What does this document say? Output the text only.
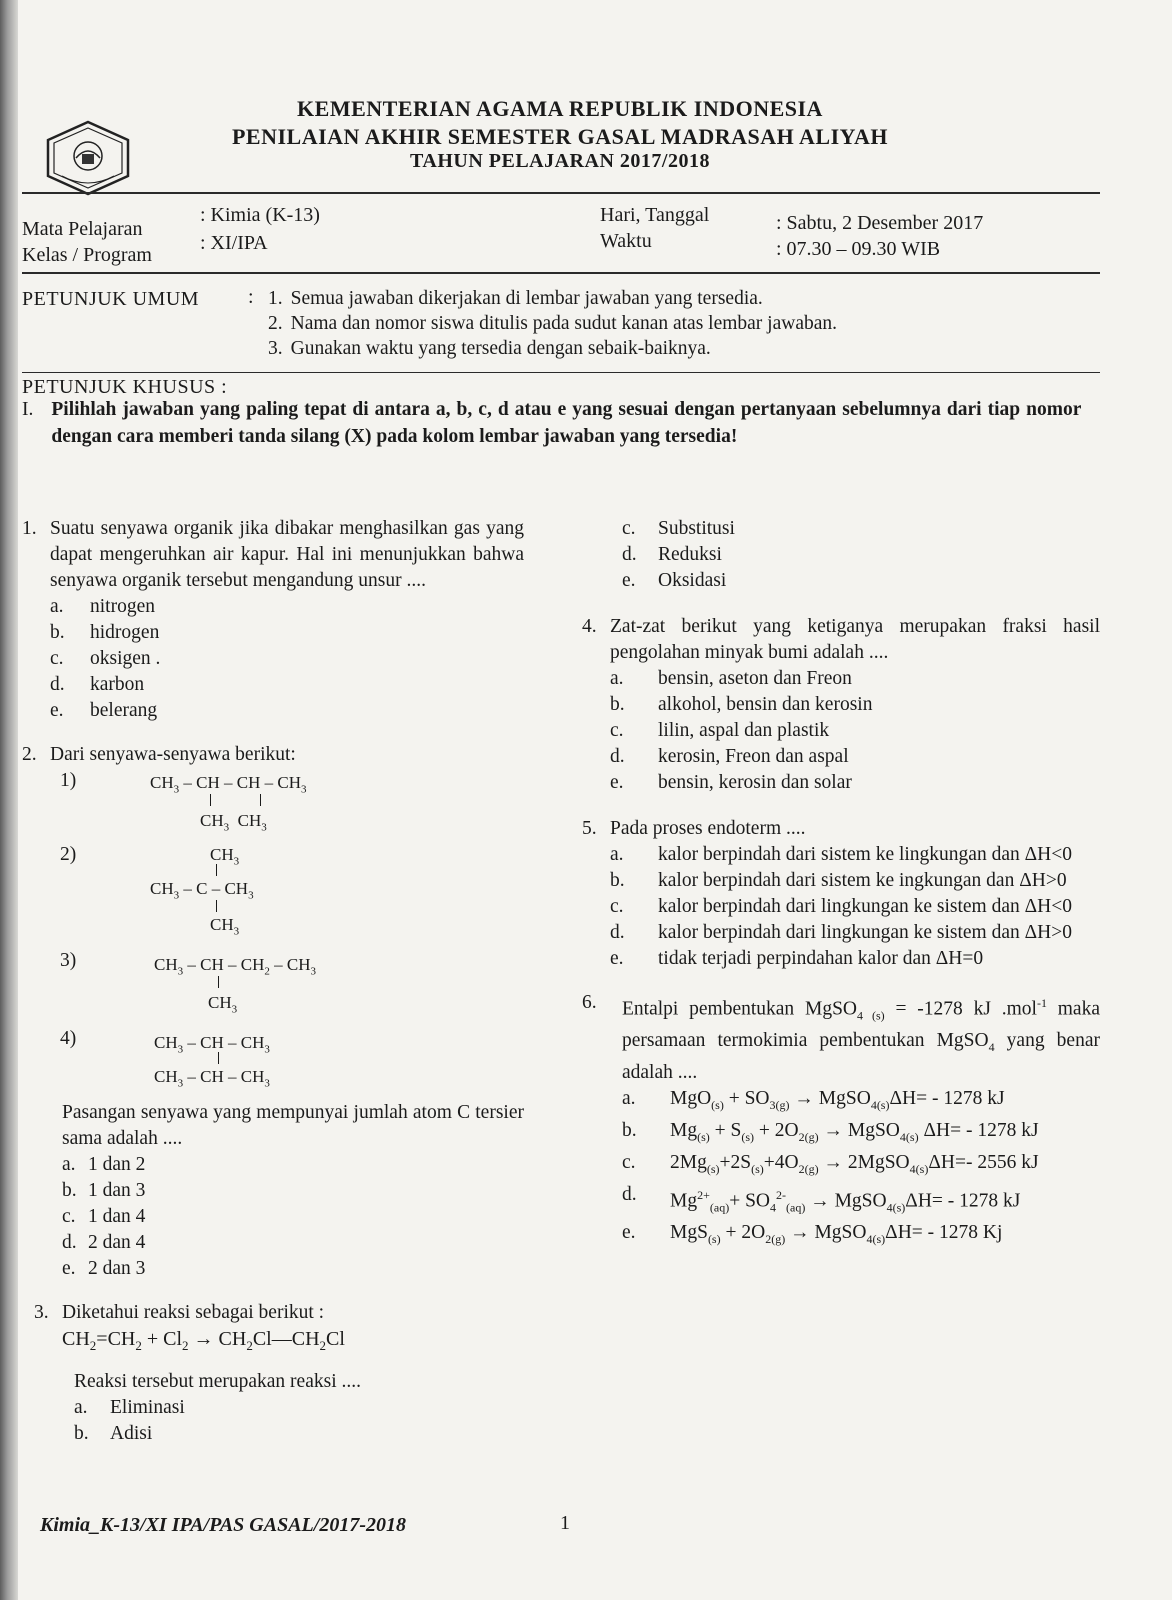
KEMENTERIAN AGAMA REPUBLIK INDONESIA
PENILAIAN AKHIR SEMESTER GASAL MADRASAH ALIYAH
TAHUN PELAJARAN 2017/2018
Mata Pelajaran
: Kimia (K-13)
Kelas / Program
: XI/IPA
Hari, Tanggal	: Sabtu, 2 Desember 2017
Waktu	: 07.30 – 09.30 WIB
PETUNJUK UMUM : 1. Semua jawaban dikerjakan di lembar jawaban yang tersedia.
2. Nama dan nomor siswa ditulis pada sudut kanan atas lembar jawaban.
3. Gunakan waktu yang tersedia dengan sebaik-baiknya.
PETUNJUK KHUSUS :
I. Pilihlah jawaban yang paling tepat di antara a, b, c, d atau e yang sesuai dengan pertanyaan sebelumnya dari tiap nomor dengan cara memberi tanda silang (X) pada kolom lembar jawaban yang tersedia!
1. Suatu senyawa organik jika dibakar menghasilkan gas yang dapat mengeruhkan air kapur. Hal ini menunjukkan bahwa senyawa organik tersebut mengandung unsur ....
a.	nitrogen
b.	hidrogen
c.	oksigen .
d.	karbon
e.	belerang
2. Dari senyawa-senyawa berikut:
1)	$CH_3$ – CH – CH – $CH_3$
$CH_3$  $CH_3$
2)	$CH_3$
$CH_3$ – C – $CH_3$
$CH_3$
3)	$CH_3$ – CH – $CH_2 - CH_3$
$CH_3$
4)	$CH_3$ – CH – $CH_3$
$CH_3$ – CH – $CH_3$
Pasangan senyawa yang mempunyai jumlah atom C tersier sama adalah ....
a. 1 dan 2
b. 1 dan 3
c. 1 dan 4
d. 2 dan 4
e. 2 dan 3
3. Diketahui reaksi sebagai berikut :
$CH_2=CH_2 + Cl_2$ → $CH_2Cl—CH_2Cl$
Reaksi tersebut merupakan reaksi ....
a.	Eliminasi
b.	Adisi
c.	Substitusi
d.	Reduksi
e.	Oksidasi
4. Zat-zat berikut yang ketiganya merupakan fraksi hasil pengolahan minyak bumi adalah ....
a.	bensin, aseton dan Freon
b.	alkohol, bensin dan kerosin
c.	lilin, aspal dan plastik
d.	kerosin, Freon dan aspal
e.	bensin, kerosin dan solar
5. Pada proses endoterm ....
a.	kalor berpindah dari sistem ke lingkungan dan ΔH<0
b.	kalor berpindah dari sistem ke ingkungan dan ΔH>0
c.	kalor berpindah dari lingkungan ke sistem dan ΔH<0
d.	kalor berpindah dari lingkungan ke sistem dan ΔH>0
e.	tidak terjadi perpindahan kalor dan ΔH=0
6.	Entalpi pembentukan MgSO$_{4 (s)}$ = -1278 kJ .mol$^{-1}$ maka persamaan termokimia pembentukan MgSO$_4$ yang benar adalah ....
a.	$MgO_{(s)} + SO_{3(g)}$ → MgSO$_{4(s)}$ΔH= - 1278 kJ
b.	$Mg_{(s)} + S_{(s)} + 2O_{2(g)}$ → MgSO$_{4(s)}$ ΔH= - 1278 kJ
c.	$2Mg_{(s)}+2S_{(s)}+4O_{2(g)}$ → 2MgSO$_{4(s)}$ΔH=- 2556 kJ
d.	$Mg^{2+}_{(aq)}+ SO_4^{2-}_{(aq)}$ → MgSO$_{4(s)}$ΔH= - 1278 kJ
e.	$MgS_{(s)} + 2O_{2(g)}$ → MgSO$_{4(s)}$ΔH= - 1278 Kj
Kimia_K-13/XI IPA/PAS GASAL/2017-2018	1
